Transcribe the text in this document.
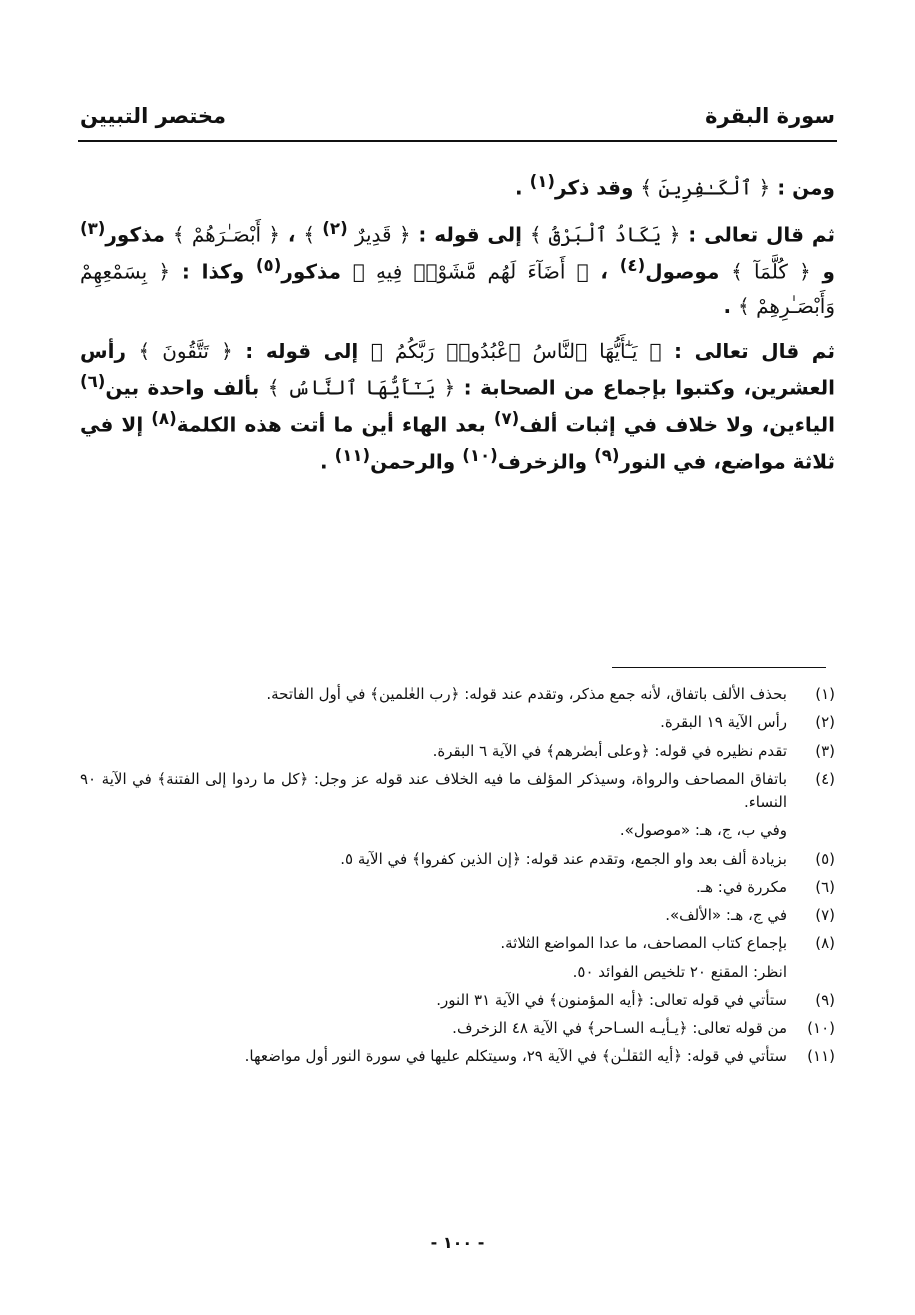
سورة البقرة
مختصر التبيين

ومن : ﴿ ٱلْكَـٰفِرِينَ ﴾ وقد ذكر$^{(١)}$ .

ثم قال تعالى : ﴿ يَكَادُ ٱلْبَرْقُ ﴾ إلى قوله : ﴿ قَدِيرٌ $^{(٢)}$ ﴾ ، ﴿ أَبْصَـٰرَهُمْ ﴾ مذكور$^{(٣)}$ و ﴿ كُلَّمَآ ﴾ موصول$^{(٤)}$ ، ﴿ أَضَآءَ لَهُم مَّشَوْا۟ فِيهِ ﴾ مذكور$^{(٥)}$ وكذا : ﴿ بِسَمْعِهِمْ وَأَبْصَـٰرِهِمْ ﴾ .

ثم قال تعالى : ﴿ يَـٰٓأَيُّهَا ٱلنَّاسُ ٱعْبُدُوا۟ رَبَّكُمُ ﴾ إلى قوله : ﴿ تَتَّقُونَ ﴾ رأس العشرين، وكتبوا بإجماع من الصحابة : ﴿ يَـٰٓأَيُّهَا ٱلنَّاسُ ﴾ بألف واحدة بين$^{(٦)}$ الياءين، ولا خلاف في إثبات ألف$^{(٧)}$ بعد الهاء أين ما أتت هذه الكلمة$^{(٨)}$ إلا في ثلاثة مواضع، في النور$^{(٩)}$ والزخرف$^{(١٠)}$ والرحمن$^{(١١)}$ .

(١)
بحذف الألف باتفاق، لأنه جمع مذكر، وتقدم عند قوله: ﴿رب العٰلمين﴾ في أول الفاتحة.
(٢)
رأس الآية ١٩ البقرة.
(٣)
تقدم نظيره في قوله: ﴿وعلى أبصٰرهم﴾ في الآية ٦ البقرة.
(٤)
باتفاق المصاحف والرواة، وسيذكر المؤلف ما فيه الخلاف عند قوله عز وجل: ﴿كل ما ردوا إلى الفتنة﴾ في الآية ٩٠ النساء.
وفي ب، ج، هـ: «موصول».
(٥)
بزيادة ألف بعد واو الجمع، وتقدم عند قوله: ﴿إن الذين كفروا﴾ في الآية ٥.
(٦)
مكررة في: هـ.
(٧)
في ج، هـ: «الألف».
(٨)
بإجماع كتاب المصاحف، ما عدا المواضع الثلاثة.
انظر: المقنع ٢٠ تلخيص الفوائد ٥٠.
(٩)
ستأتي في قوله تعالى: ﴿أيه المؤمنون﴾ في الآية ٣١ النور.
(١٠)
من قوله تعالى: ﴿يـأيـه السـاحر﴾ في الآية ٤٨ الزخرف.
(١١)
ستأتي في قوله: ﴿أيه الثقلـٰن﴾ في الآية ٢٩، وسيتكلم عليها في سورة النور أول مواضعها.
- ١٠٠ -
